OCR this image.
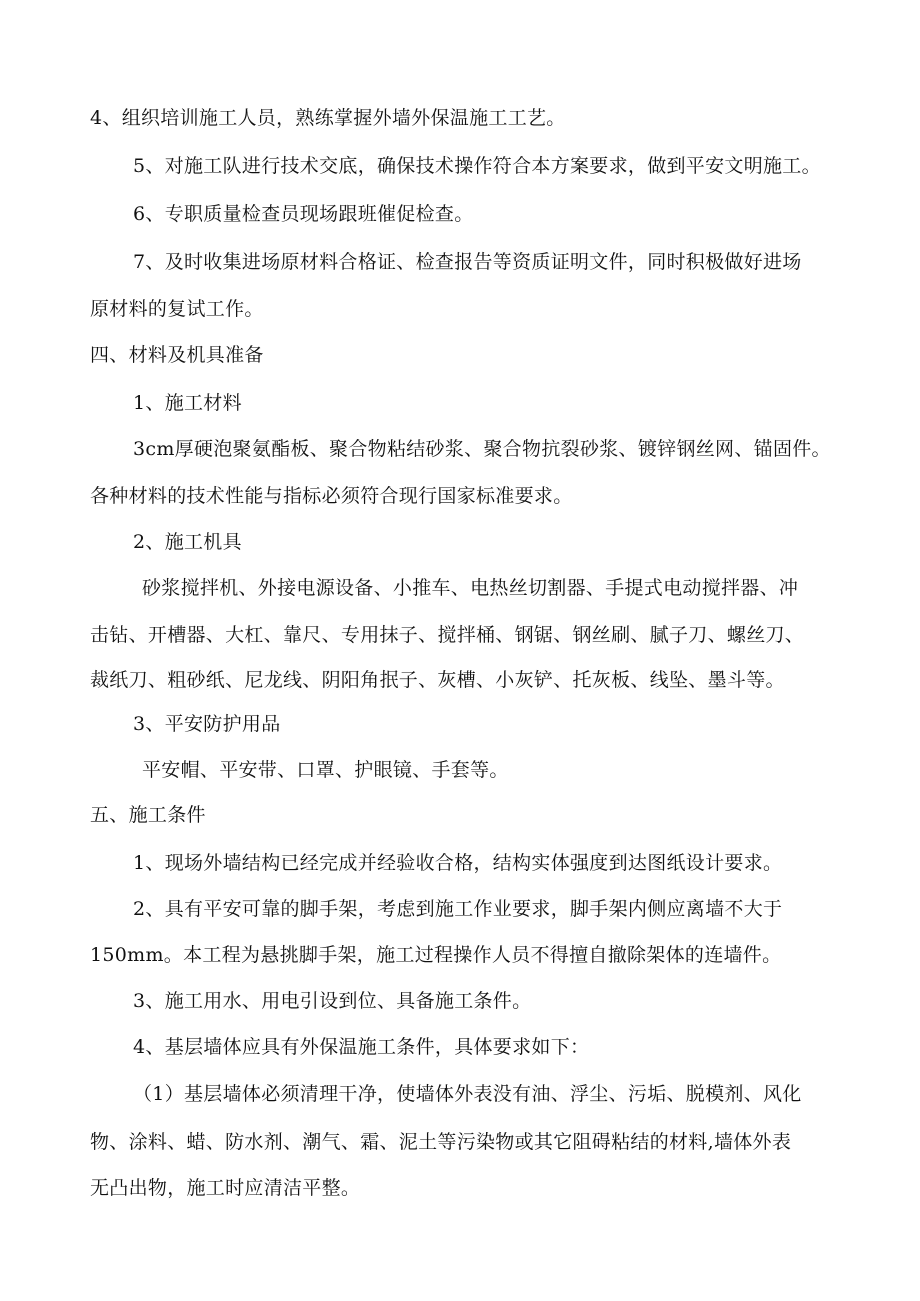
4、组织培训施工人员，熟练掌握外墙外保温施工工艺。
5、对施工队进行技术交底，确保技术操作符合本方案要求，做到平安文明施工。
6、专职质量检查员现场跟班催促检查。
7、及时收集进场原材料合格证、检查报告等资质证明文件，同时积极做好进场
原材料的复试工作。
四、材料及机具准备
1、施工材料
3cm厚硬泡聚氨酯板、聚合物粘结砂浆、聚合物抗裂砂浆、镀锌钢丝网、锚固件。
各种材料的技术性能与指标必须符合现行国家标准要求。
2、施工机具
砂浆搅拌机、外接电源设备、小推车、电热丝切割器、手提式电动搅拌器、冲
击钻、开槽器、大杠、靠尺、专用抹子、搅拌桶、钢锯、钢丝刷、腻子刀、螺丝刀、
裁纸刀、粗砂纸、尼龙线、阴阳角抿子、灰槽、小灰铲、托灰板、线坠、墨斗等。
3、平安防护用品
平安帽、平安带、口罩、护眼镜、手套等。
五、施工条件
1、现场外墙结构已经完成并经验收合格，结构实体强度到达图纸设计要求。
2、具有平安可靠的脚手架，考虑到施工作业要求，脚手架内侧应离墙不大于
150mm。本工程为悬挑脚手架，施工过程操作人员不得擅自撤除架体的连墙件。
3、施工用水、用电引设到位、具备施工条件。
4、基层墙体应具有外保温施工条件，具体要求如下：
（1）基层墙体必须清理干净，使墙体外表没有油、浮尘、污垢、脱模剂、风化
物、涂料、蜡、防水剂、潮气、霜、泥土等污染物或其它阻碍粘结的材料,墙体外表
无凸出物，施工时应清洁平整。
